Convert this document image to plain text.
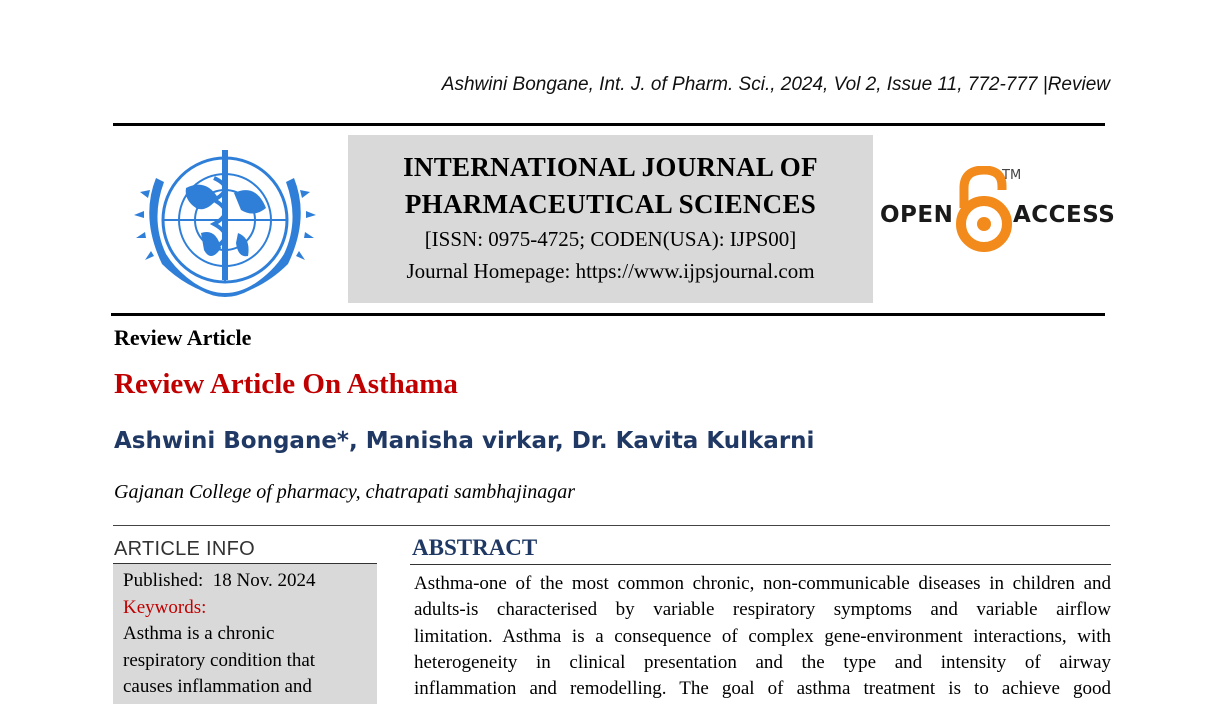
Ashwini Bongane, Int. J. of Pharm. Sci., 2024, Vol 2, Issue 11, 772-777 |Review
INTERNATIONAL JOURNAL OF
PHARMACEUTICAL SCIENCES
[ISSN: 0975-4725; CODEN(USA): IJPS00]
Journal Homepage: https://www.ijpsjournal.com
OPEN
TM
ACCESS
Review Article
Review Article On Asthama
Ashwini Bongane*, Manisha virkar, Dr. Kavita Kulkarni
Gajanan College of pharmacy, chatrapati sambhajinagar
ARTICLE INFO
Published: 18 Nov. 2024
Keywords:
Asthma is a chronic
respiratory condition that
causes inflammation and
ABSTRACT
Asthma-one of the most common chronic, non-communicable diseases in children and
adults-is characterised by variable respiratory symptoms and variable airflow
limitation. Asthma is a consequence of complex gene-environment interactions, with
heterogeneity in clinical presentation and the type and intensity of airway
inflammation and remodelling. The goal of asthma treatment is to achieve good
